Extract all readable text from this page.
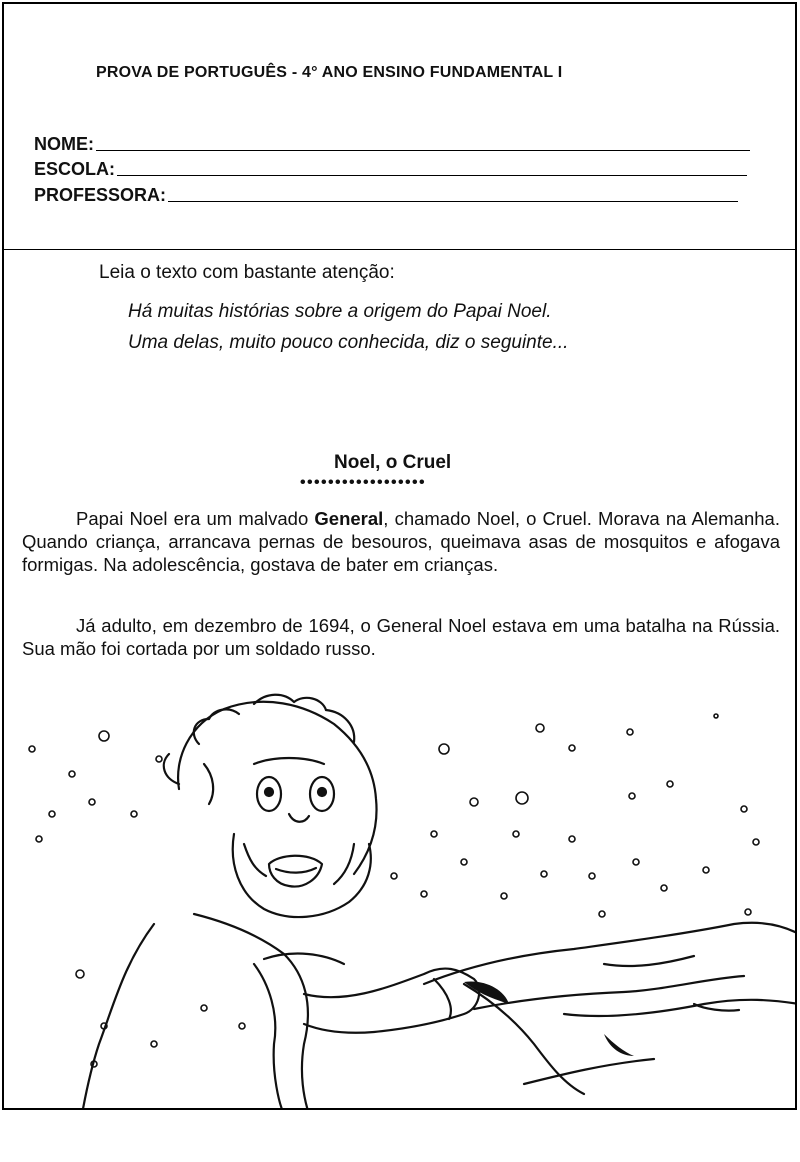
PROVA DE PORTUGUÊS - 4° ANO ENSINO FUNDAMENTAL I
NOME:
ESCOLA:
PROFESSORA:
Leia o texto com bastante atenção:
Há muitas histórias sobre a origem do Papai Noel.
Uma delas, muito pouco conhecida, diz o seguinte...
Noel, o Cruel
••••••••••••••••••

Papai Noel era um malvado General, chamado Noel, o Cruel. Morava na Alemanha. Quando criança, arrancava pernas de besouros, queimava asas de mosquitos e afogava formigas. Na adolescência, gostava de bater em crianças.

Já adulto, em dezembro de 1694, o General Noel estava em uma batalha na Rússia. Sua mão foi cortada por um soldado russo.
